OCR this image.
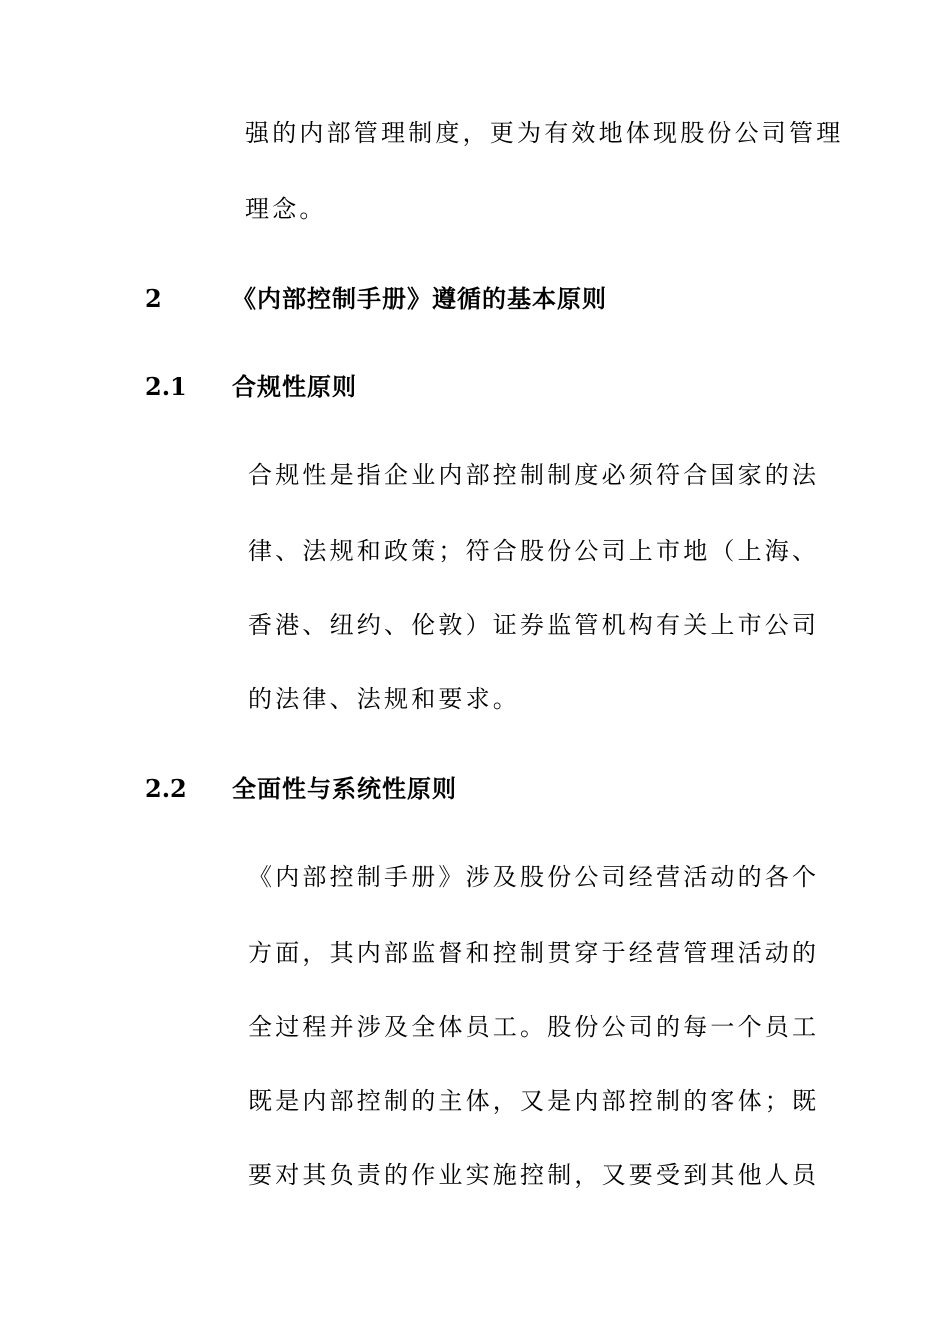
强的内部管理制度，更为有效地体现股份公司管理
理念。
2	《内部控制手册》遵循的基本原则
2.1 合规性原则
合规性是指企业内部控制制度必须符合国家的法
律、法规和政策；符合股份公司上市地（上海、
香港、纽约、伦敦）证券监管机构有关上市公司
的法律、法规和要求。
2.2 全面性与系统性原则
《内部控制手册》涉及股份公司经营活动的各个
方面，其内部监督和控制贯穿于经营管理活动的
全过程并涉及全体员工。股份公司的每一个员工
既是内部控制的主体，又是内部控制的客体；既
要对其负责的作业实施控制，又要受到其他人员
